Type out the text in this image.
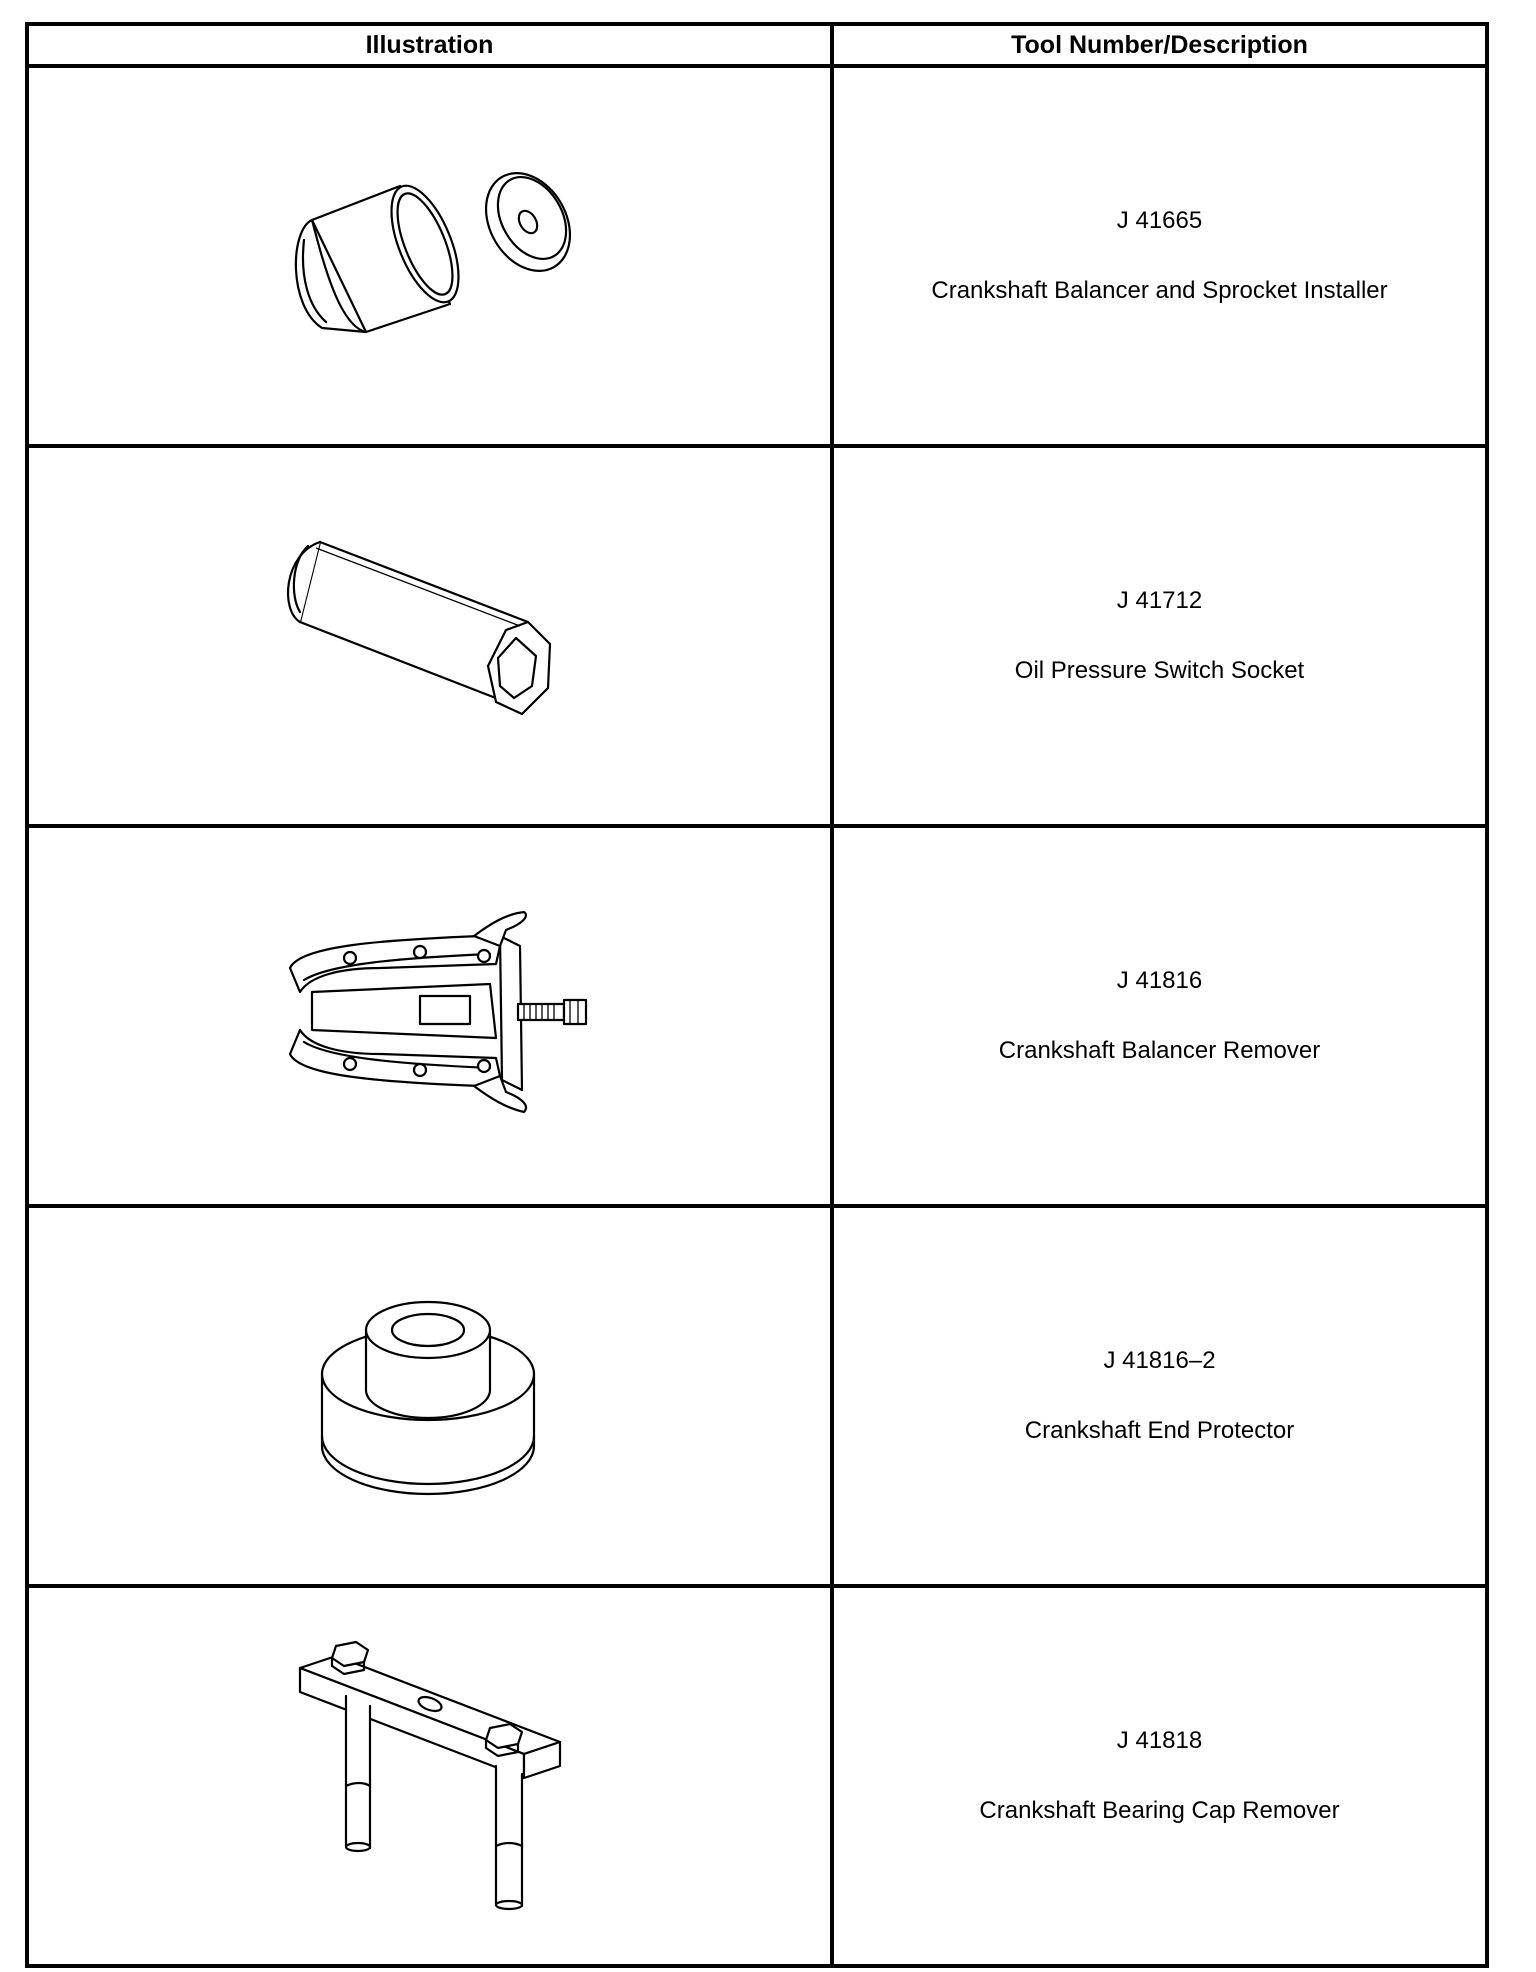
Illustration	Tool Number/Description

J 41665
Crankshaft Balancer and Sprocket Installer

J 41712
Oil Pressure Switch Socket

J 41816
Crankshaft Balancer Remover

J 41816–2
Crankshaft End Protector

J 41818
Crankshaft Bearing Cap Remover
